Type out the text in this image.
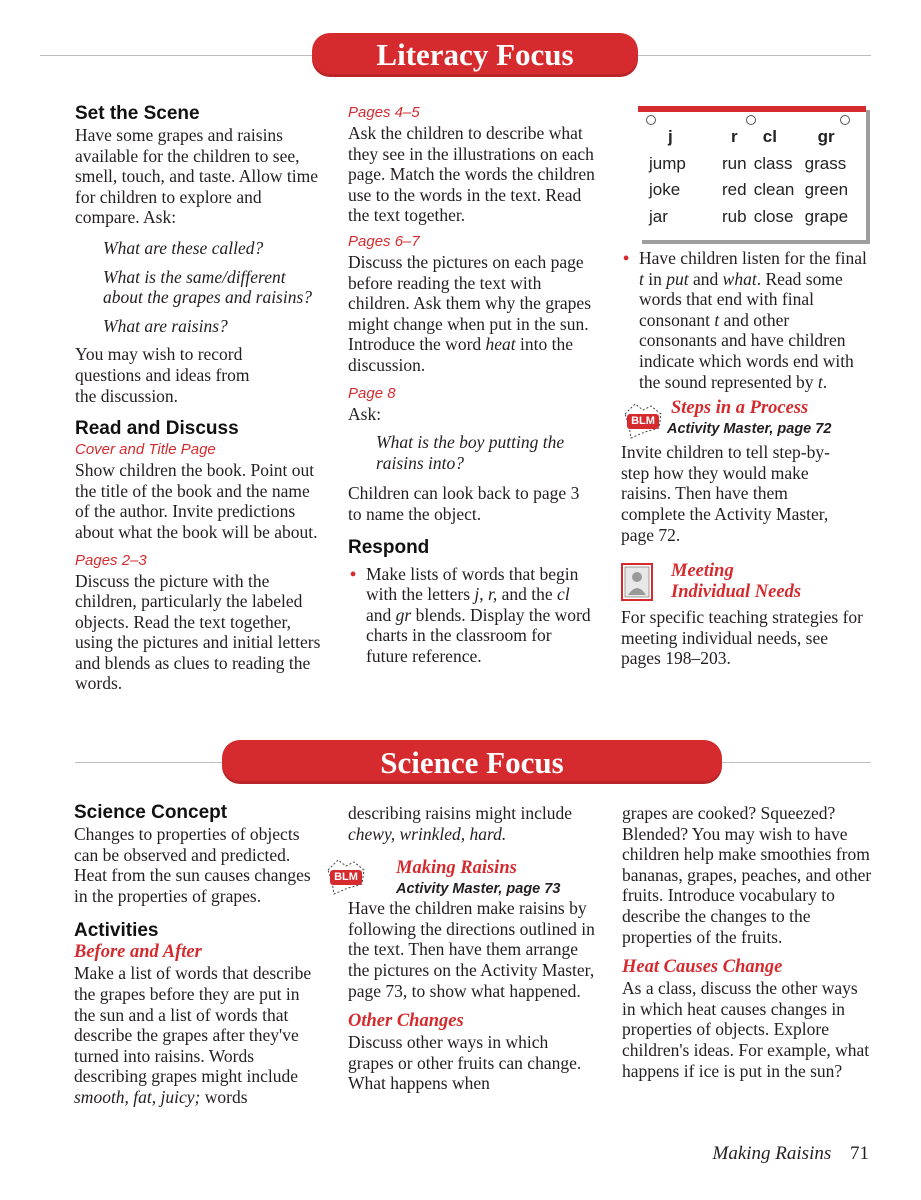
Literacy Focus
Set the Scene

Have some grapes and raisins available for the children to see, smell, touch, and taste. Allow time for children to explore and compare. Ask:

What are these called?

What is the same/different about the grapes and raisins?

What are raisins?

You may wish to record questions and ideas from the discussion.

Read and Discuss
Cover and Title Page

Show children the book. Point out the title of the book and the name of the author. Invite predictions about what the book will be about.

Pages 2–3

Discuss the picture with the children, particularly the labeled objects. Read the text together, using the pictures and initial letters and blends as clues to reading the words.

Pages 4–5

Ask the children to describe what they see in the illustrations on each page. Match the words the children use to the words in the text. Read the text together.

Pages 6–7

Discuss the pictures on each page before reading the text with children. Ask them why the grapes might change when put in the sun. Introduce the word heat into the discussion.

Page 8

Ask:

What is the boy putting the raisins into?

Children can look back to page 3 to name the object.

Respond
• Make lists of words that begin with the letters j, r, and the cl and gr blends. Display the word charts in the classroom for future reference.
j	r	cl	gr
jump	run	class	grass
joke	red	clean	green
jar	rub	close	grape
• Have children listen for the final t in put and what. Read some words that end with final consonant t and other consonants and have children indicate which words end with the sound represented by t.
BLM
Steps in a Process
Activity Master, page 72

Invite children to tell step-by-step how they would make raisins. Then have them complete the Activity Master, page 72.

Meeting
Individual Needs

For specific teaching strategies for meeting individual needs, see pages 198–203.

Science Focus
Science Concept

Changes to properties of objects can be observed and predicted. Heat from the sun causes changes in the properties of grapes.

Activities
Before and After

Make a list of words that describe the grapes before they are put in the sun and a list of words that describe the grapes after they've turned into raisins. Words describing grapes might include smooth, fat, juicy; words

describing raisins might include chewy, wrinkled, hard.

BLM Making Raisins
Activity Master, page 73

Have the children make raisins by following the directions outlined in the text. Then have them arrange the pictures on the Activity Master, page 73, to show what happened.

Other Changes

Discuss other ways in which grapes or other fruits can change. What happens when

grapes are cooked? Squeezed? Blended? You may wish to have children help make smoothies from bananas, grapes, peaches, and other fruits. Introduce vocabulary to describe the changes to the properties of the fruits.

Heat Causes Change

As a class, discuss the other ways in which heat causes changes in properties of objects. Explore children's ideas. For example, what happens if ice is put in the sun?

Making Raisins 71
